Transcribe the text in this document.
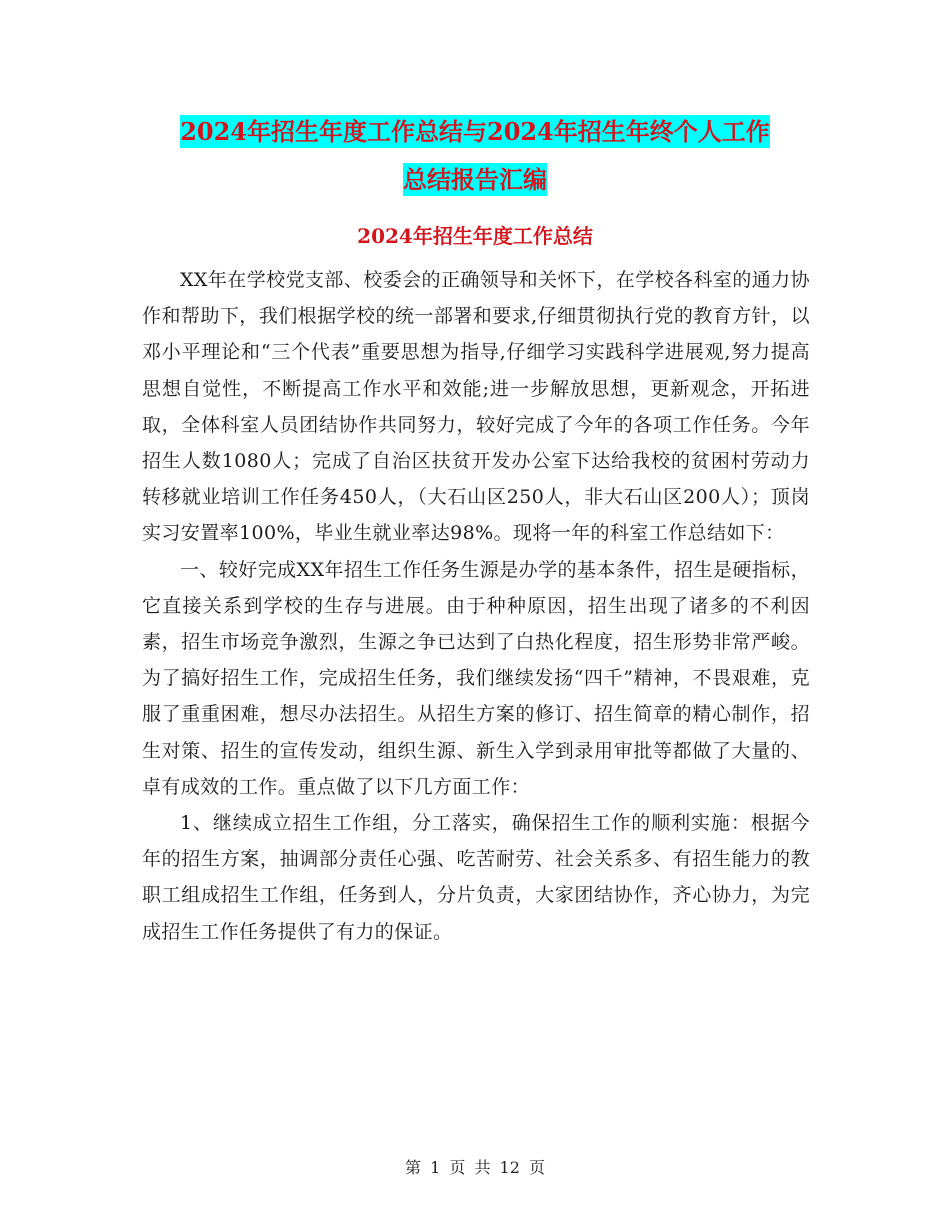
2024年招生年度工作总结与2024年招生年终个人工作
总结报告汇编
2024年招生年度工作总结

XX年在学校党支部、校委会的正确领导和关怀下，在学校各科室的通力协作和帮助下，我们根据学校的统一部署和要求,仔细贯彻执行党的教育方针，以邓小平理论和“三个代表”重要思想为指导,仔细学习实践科学进展观,努力提高思想自觉性，不断提高工作水平和效能;进一步解放思想，更新观念，开拓进取，全体科室人员团结协作共同努力，较好完成了今年的各项工作任务。今年招生人数1080人；完成了自治区扶贫开发办公室下达给我校的贫困村劳动力转移就业培训工作任务450人，（大石山区250人，非大石山区200人）；顶岗实习安置率100%，毕业生就业率达98%。现将一年的科室工作总结如下：

一、较好完成XX年招生工作任务生源是办学的基本条件，招生是硬指标，它直接关系到学校的生存与进展。由于种种原因，招生出现了诸多的不利因素，招生市场竞争激烈，生源之争已达到了白热化程度，招生形势非常严峻。为了搞好招生工作，完成招生任务，我们继续发扬“四千”精神，不畏艰难，克服了重重困难，想尽办法招生。从招生方案的修订、招生简章的精心制作，招生对策、招生的宣传发动，组织生源、新生入学到录用审批等都做了大量的、卓有成效的工作。重点做了以下几方面工作：

1、继续成立招生工作组，分工落实，确保招生工作的顺利实施：根据今年的招生方案，抽调部分责任心强、吃苦耐劳、社会关系多、有招生能力的教职工组成招生工作组，任务到人，分片负责，大家团结协作，齐心协力，为完成招生工作任务提供了有力的保证。

第 1 页 共 12 页
